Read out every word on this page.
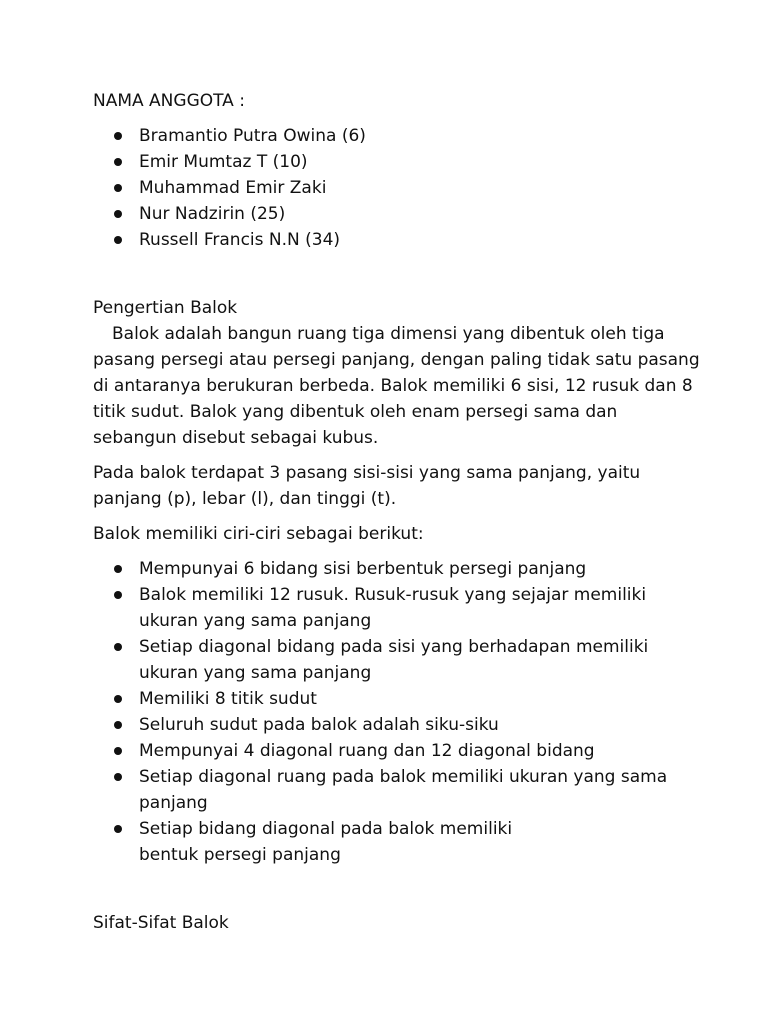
NAMA ANGGOTA :

Bramantio Putra Owina (6)
Emir Mumtaz T (10)
Muhammad Emir Zaki
Nur Nadzirin (25)
Russell Francis N.N (34)

Pengertian Balok

Balok adalah bangun ruang tiga dimensi yang dibentuk oleh tiga

pasang persegi atau persegi panjang, dengan paling tidak satu pasang

di antaranya berukuran berbeda. Balok memiliki 6 sisi, 12 rusuk dan 8

titik sudut. Balok yang dibentuk oleh enam persegi sama dan

sebangun disebut sebagai kubus.

Pada balok terdapat 3 pasang sisi-sisi yang sama panjang, yaitu

panjang (p), lebar (l), dan tinggi (t).

Balok memiliki ciri-ciri sebagai berikut:

Mempunyai 6 bidang sisi berbentuk persegi panjang
Balok memiliki 12 rusuk. Rusuk-rusuk yang sejajar memiliki
ukuran yang sama panjang
Setiap diagonal bidang pada sisi yang berhadapan memiliki
ukuran yang sama panjang
Memiliki 8 titik sudut
Seluruh sudut pada balok adalah siku-siku
Mempunyai 4 diagonal ruang dan 12 diagonal bidang
Setiap diagonal ruang pada balok memiliki ukuran yang sama
panjang
Setiap bidang diagonal pada balok memiliki
bentuk persegi panjang

Sifat-Sifat Balok
